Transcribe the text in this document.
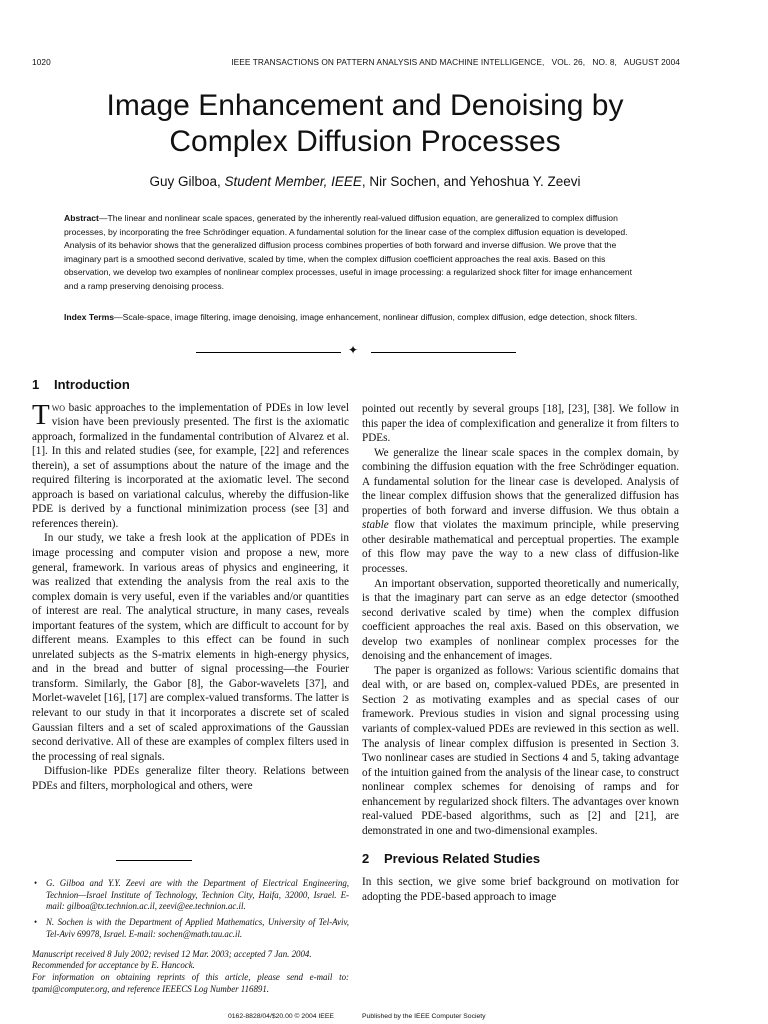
1020	IEEE TRANSACTIONS ON PATTERN ANALYSIS AND MACHINE INTELLIGENCE,   VOL. 26,   NO. 8,   AUGUST 2004
Image Enhancement and Denoising by
Complex Diffusion Processes
Guy Gilboa, Student Member, IEEE, Nir Sochen, and Yehoshua Y. Zeevi
Abstract—The linear and nonlinear scale spaces, generated by the inherently real-valued diffusion equation, are generalized to complex diffusion processes, by incorporating the free Schrödinger equation. A fundamental solution for the linear case of the complex diffusion equation is developed. Analysis of its behavior shows that the generalized diffusion process combines properties of both forward and inverse diffusion. We prove that the imaginary part is a smoothed second derivative, scaled by time, when the complex diffusion coefficient approaches the real axis. Based on this observation, we develop two examples of nonlinear complex processes, useful in image processing: a regularized shock filter for image enhancement and a ramp preserving denoising process.
Index Terms—Scale-space, image filtering, image denoising, image enhancement, nonlinear diffusion, complex diffusion, edge detection, shock filters.
✦
1 Introduction

Two basic approaches to the implementation of PDEs in low level vision have been previously presented. The first is the axiomatic approach, formalized in the fundamental contribution of Alvarez et al. [1]. In this and related studies (see, for example, [22] and references therein), a set of assumptions about the nature of the image and the required filtering is incorporated at the axiomatic level. The second approach is based on variational calculus, whereby the diffusion-like PDE is derived by a functional minimization process (see [3] and references therein).

In our study, we take a fresh look at the application of PDEs in image processing and computer vision and propose a new, more general, framework. In various areas of physics and engineering, it was realized that extending the analysis from the real axis to the complex domain is very useful, even if the variables and/or quantities of interest are real. The analytical structure, in many cases, reveals important features of the system, which are difficult to account for by different means. Examples to this effect can be found in such unrelated subjects as the S-matrix elements in high-energy physics, and in the bread and butter of signal processing—the Fourier transform. Similarly, the Gabor [8], the Gabor-wavelets [37], and Morlet-wavelet [16], [17] are complex-valued transforms. The latter is relevant to our study in that it incorporates a discrete set of scaled Gaussian filters and a set of scaled approximations of the Gaussian second derivative. All of these are examples of complex filters used in the processing of real signals.

Diffusion-like PDEs generalize filter theory. Relations between PDEs and filters, morphological and others, were

• G. Gilboa and Y.Y. Zeevi are with the Department of Electrical Engineering, Technion—Israel Institute of Technology, Technion City, Haifa, 32000, Israel. E-mail: gilboa@tx.technion.ac.il, zeevi@ee.technion.ac.il.
• N. Sochen is with the Department of Applied Mathematics, University of Tel-Aviv, Tel-Aviv 69978, Israel. E-mail: sochen@math.tau.ac.il.

Manuscript received 8 July 2002; revised 12 Mar. 2003; accepted 7 Jan. 2004.

Recommended for acceptance by E. Hancock.

For information on obtaining reprints of this article, please send e-mail to: tpami@computer.org, and reference IEEECS Log Number 116891.

pointed out recently by several groups [18], [23], [38]. We follow in this paper the idea of complexification and generalize it from filters to PDEs.

We generalize the linear scale spaces in the complex domain, by combining the diffusion equation with the free Schrödinger equation. A fundamental solution for the linear case is developed. Analysis of the linear complex diffusion shows that the generalized diffusion has properties of both forward and inverse diffusion. We thus obtain a stable flow that violates the maximum principle, while preserving other desirable mathematical and perceptual properties. The example of this flow may pave the way to a new class of diffusion-like processes.

An important observation, supported theoretically and numerically, is that the imaginary part can serve as an edge detector (smoothed second derivative scaled by time) when the complex diffusion coefficient approaches the real axis. Based on this observation, we develop two examples of nonlinear complex processes for the denoising and the enhancement of images.

The paper is organized as follows: Various scientific domains that deal with, or are based on, complex-valued PDEs, are presented in Section 2 as motivating examples and as special cases of our framework. Previous studies in vision and signal processing using variants of complex-valued PDEs are reviewed in this section as well. The analysis of linear complex diffusion is presented in Section 3. Two nonlinear cases are studied in Sections 4 and 5, taking advantage of the intuition gained from the analysis of the linear case, to construct nonlinear complex schemes for denoising of ramps and for enhancement by regularized shock filters. The advantages over known real-valued PDE-based algorithms, such as [2] and [21], are demonstrated in one and two-dimensional examples.

2 Previous Related Studies

In this section, we give some brief background on motivation for adopting the PDE-based approach to image

0162-8828/04/$20.00 © 2004 IEEE	Published by the IEEE Computer Society
